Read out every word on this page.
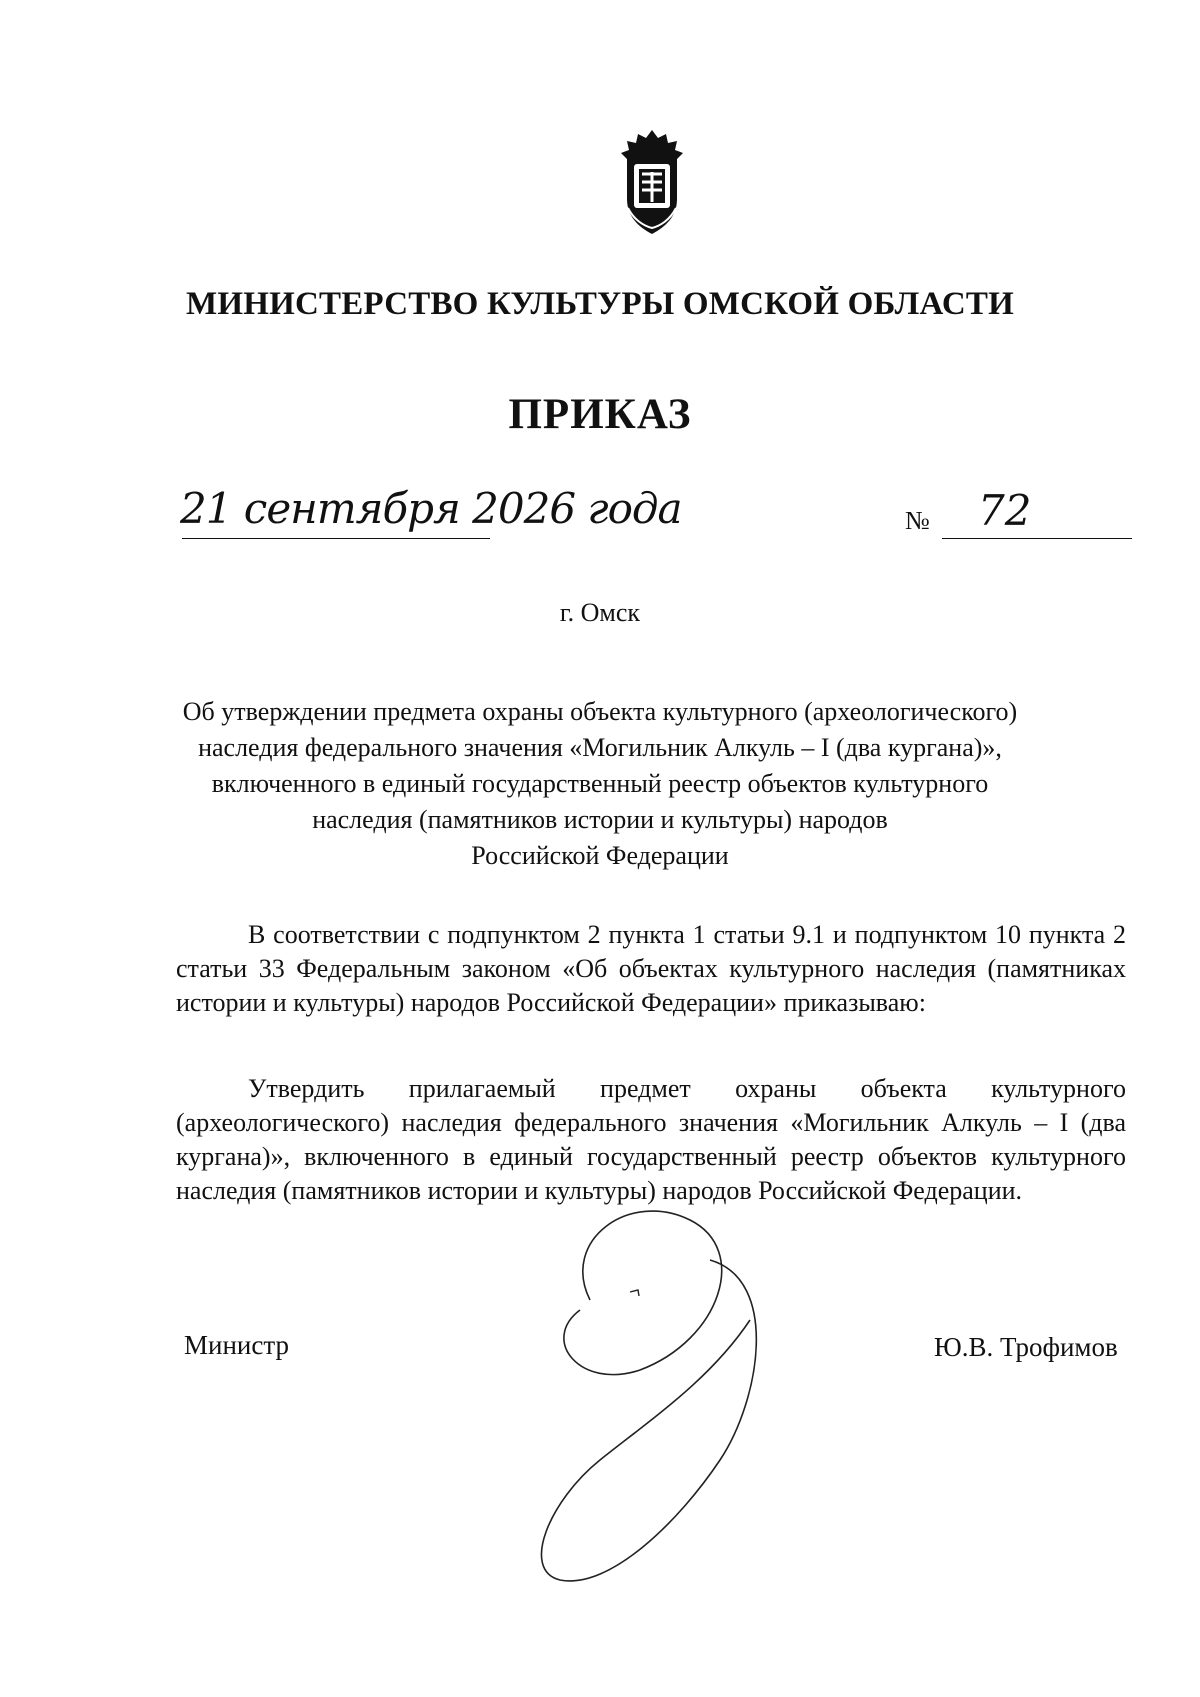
МИНИСТЕРСТВО КУЛЬТУРЫ ОМСКОЙ ОБЛАСТИ
ПРИКАЗ
21 сентября 2026 года	№ 72
г. Омск
Об утверждении предмета охраны объекта культурного (археологического)
наследия федерального значения «Могильник Алкуль – I (два кургана)»,
включенного в единый государственный реестр объектов культурного
наследия (памятников истории и культуры) народов
Российской Федерации
В соответствии с подпунктом 2 пункта 1 статьи 9.1 и подпунктом 10 пункта 2 статьи 33 Федеральным законом «Об объектах культурного наследия (памятниках истории и культуры) народов Российской Федерации» приказываю:
Утвердить прилагаемый предмет охраны объекта культурного (археологического) наследия федерального значения «Могильник Алкуль – I (два кургана)», включенного в единый государственный реестр объектов культурного наследия (памятников истории и культуры) народов Российской Федерации.
Министр	Ю.В. Трофимов
